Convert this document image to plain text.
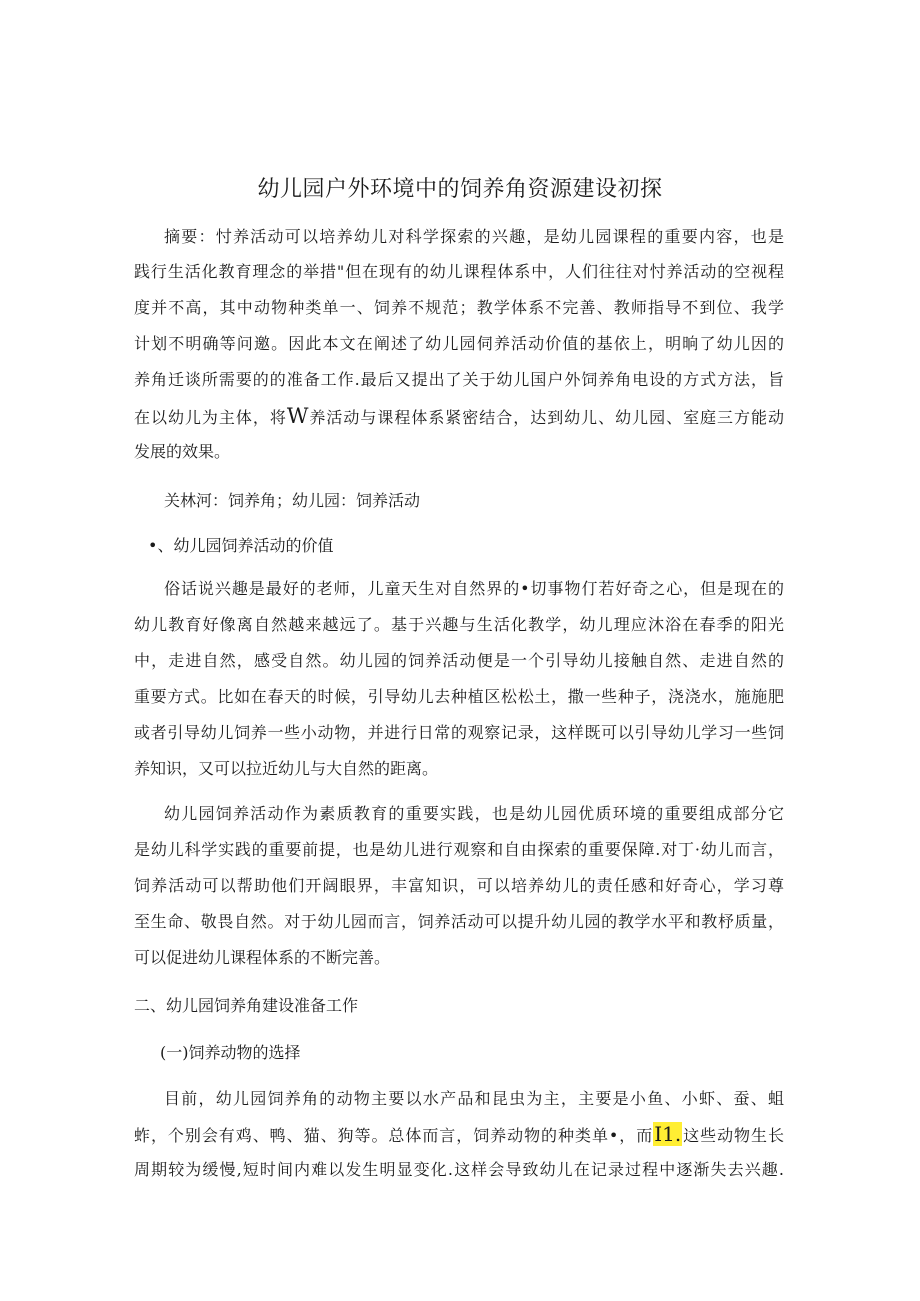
幼儿园户外环境中的饲养角资源建设初探
摘要：忖养活动可以培养幼儿对科学探索的兴趣，是幼儿园课程的重要内容，也是
践行生活化教育理念的举措"但在现有的幼儿课程体系中，人们往往对忖养活动的空视程
度并不高，其中动物种类单一、饲养不规范；教学体系不完善、教师指导不到位、我学
计划不明确等问邀。因此本文在阐述了幼儿园伺养活动价值的基依上，明晌了幼儿因的
养角迁谈所需要的的准备工作.最后又提出了关于幼儿国户外饲养角电设的方式方法，旨
在以幼儿为主体，将W养活动与课程体系紧密结合，达到幼儿、幼儿园、室庭三方能动
发展的效果。
关林河：饲养角；幼儿园：饲养活动
•、幼儿园饲养活动的价值
俗话说兴趣是最好的老师，儿童天生对自然界的•切事物仃若好奇之心，但是现在的
幼儿教育好像离自然越来越远了。基于兴趣与生活化教学，幼儿理应沐浴在春季的阳光
中，走进自然，感受自然。幼儿园的饲养活动便是一个引导幼儿接触自然、走进自然的
重要方式。比如在春天的时候，引导幼儿去种植区松松土，撒一些种子，浇浇水，施施肥
或者引导幼儿饲养一些小动物，并进行日常的观察记录，这样既可以引导幼儿学习一些饲
养知识，又可以拉近幼儿与大自然的距离。
幼儿园饲养活动作为素质教育的重要实践，也是幼儿园优质环境的重要组成部分它
是幼儿科学实践的重要前提，也是幼儿进行观察和自由探索的重要保障.对丁·幼儿而言，
饲养活动可以帮助他们开阔眼界，丰富知识，可以培养幼儿的责任感和好奇心，学习尊
至生命、敬畏自然。对于幼儿园而言，饲养活动可以提升幼儿园的教学水平和教杼质量，
可以促进幼儿课程体系的不断完善。
二、幼儿园饲养角建设准备工作
(一)饲养动物的选择
目前，幼儿园饲养角的动物主要以水产品和昆虫为主，主要是小鱼、小虾、蚕、蛆
蚱，个别会有鸡、鸭、猫、狗等。总体而言，饲养动物的种类单•，而I1.这些动物生长
周期较为缓慢,短时间内难以发生明显变化.这样会导致幼儿在记录过程中逐渐失去兴趣.
